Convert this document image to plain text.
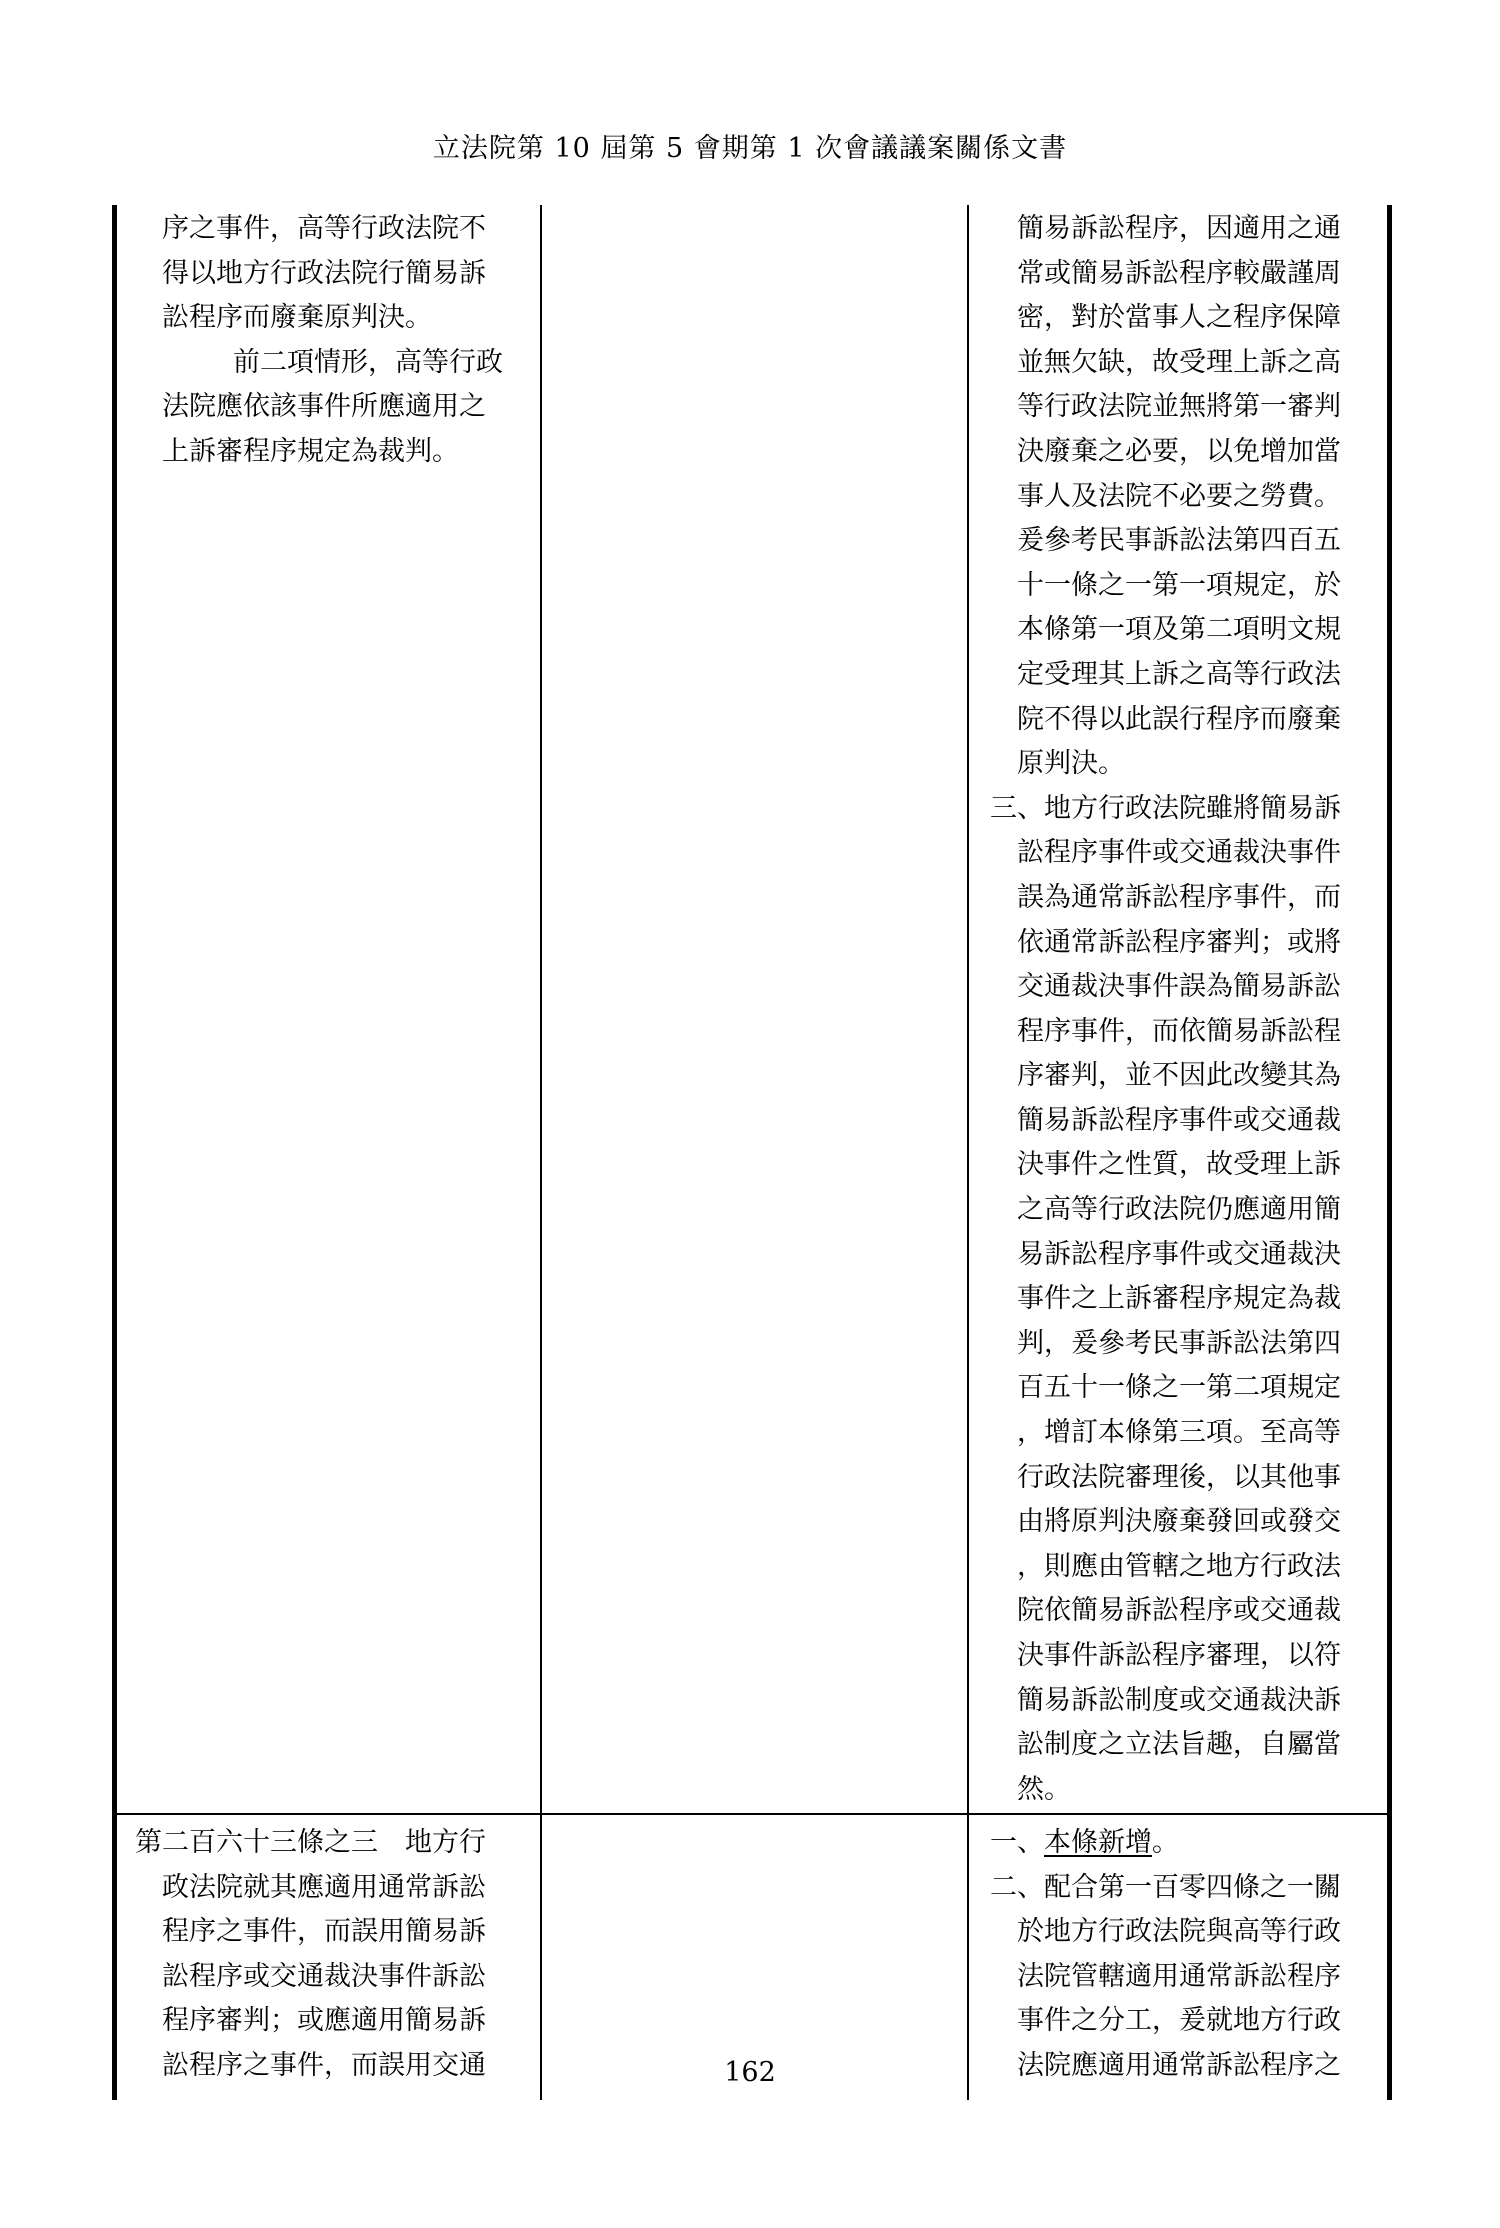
立法院第 10 屆第 5 會期第 1 次會議議案關係文書
序之事件，高等行政法院不
得以地方行政法院行簡易訴
訟程序而廢棄原判決。
前二項情形，高等行政
法院應依該事件所應適用之
上訴審程序規定為裁判。
簡易訴訟程序，因適用之通
常或簡易訴訟程序較嚴謹周
密，對於當事人之程序保障
並無欠缺，故受理上訴之高
等行政法院並無將第一審判
決廢棄之必要，以免增加當
事人及法院不必要之勞費。
爰參考民事訴訟法第四百五
十一條之一第一項規定，於
本條第一項及第二項明文規
定受理其上訴之高等行政法
院不得以此誤行程序而廢棄
原判決。
三、地方行政法院雖將簡易訴
訟程序事件或交通裁決事件
誤為通常訴訟程序事件，而
依通常訴訟程序審判；或將
交通裁決事件誤為簡易訴訟
程序事件，而依簡易訴訟程
序審判，並不因此改變其為
簡易訴訟程序事件或交通裁
決事件之性質，故受理上訴
之高等行政法院仍應適用簡
易訴訟程序事件或交通裁決
事件之上訴審程序規定為裁
判，爰參考民事訴訟法第四
百五十一條之一第二項規定
，增訂本條第三項。至高等
行政法院審理後，以其他事
由將原判決廢棄發回或發交
，則應由管轄之地方行政法
院依簡易訴訟程序或交通裁
決事件訴訟程序審理，以符
簡易訴訟制度或交通裁決訴
訟制度之立法旨趣，自屬當
然。
第二百六十三條之三　地方行
政法院就其應適用通常訴訟
程序之事件，而誤用簡易訴
訟程序或交通裁決事件訴訟
程序審判；或應適用簡易訴
訟程序之事件，而誤用交通
一、本條新增。
二、配合第一百零四條之一關
於地方行政法院與高等行政
法院管轄適用通常訴訟程序
事件之分工，爰就地方行政
法院應適用通常訴訟程序之
162
